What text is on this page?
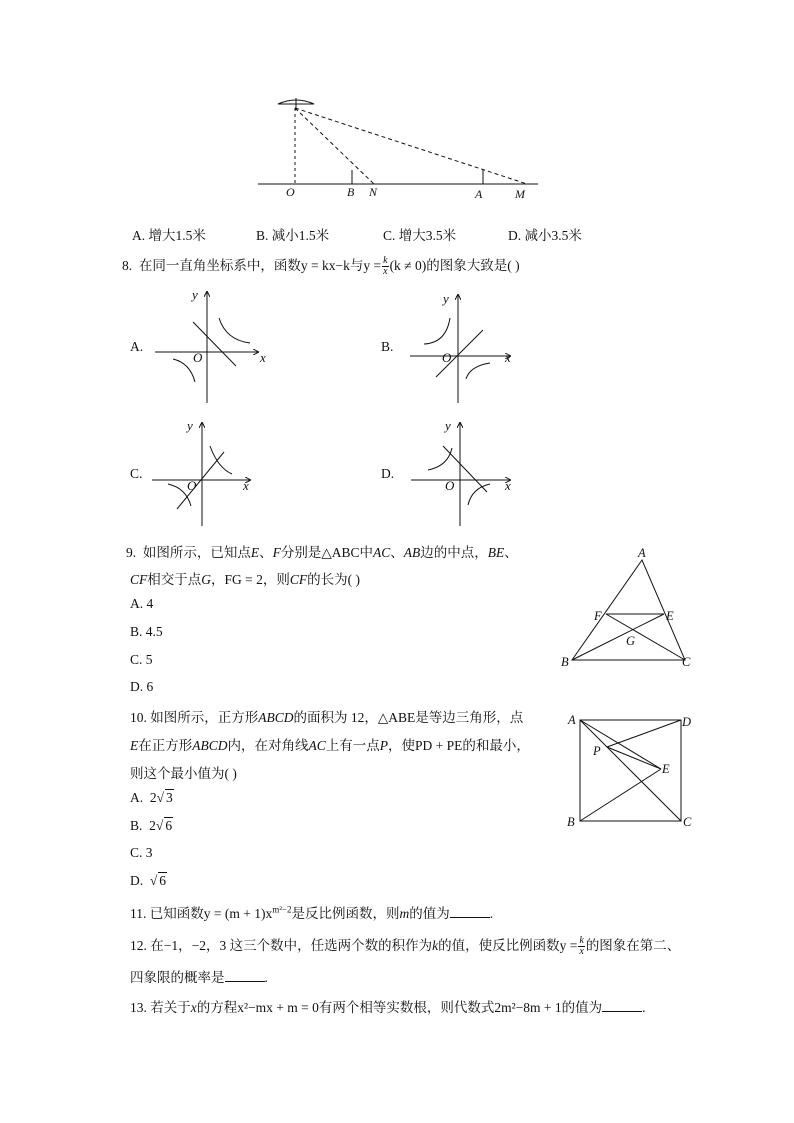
O	B N	A	M
A. 增大1.5米	B. 减小1.5米	C. 增大3.5米	D. 减小3.5米
8. 在同一直角坐标系中，函数y = kx−k与$y = \frac{k}{x} (k \ne 0)$的图象大致是( )
A.	B.
C.	D.
y
x
O
y
x
O
y
x
O
y
x
O
9. 如图所示，已知点E、F分别是△ABC中AC、AB边的中点，BE、
CF相交于点G，FG = 2，则CF的长为( )
A. 4
B. 4.5
C. 5
D. 6
A
B	C
E
F
G
10. 如图所示，正方形ABCD的面积为 12，△ABE是等边三角形，点
E在正方形ABCD内，在对角线AC上有一点P，使PD + PE的和最小，
则这个最小值为( )
A. 2√ 3
B. 2√ 6
C. 3
D. √ 6
A	D
B	C
P
E
11. 已知函数$y = (m + 1)x^{m^2-2}$是反比例函数，则m的值为	.
12. 在−1，−2，3 这三个数中，任选两个数的积作为k的值，使反比例函数$y = \frac{k}{x}$ 的图象在第二、
四象限的概率是	.
13. 若关于x的方程x²−mx + m = 0有两个相等实数根，则代数式2m²−8m + 1的值为	.
